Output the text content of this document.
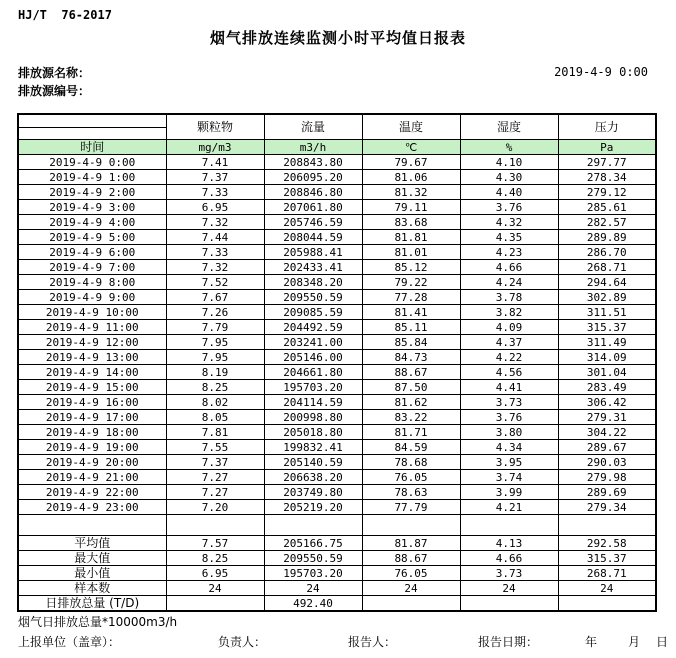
HJ/T  76-2017
烟气排放连续监测小时平均值日报表
排放源名称：
排放源编号：
2019-4-9 0:00
	颗粒物	流量	温度	湿度	压力

时间	mg/m3	m3/h	℃	%	Pa
2019-4-9 0:00	7.41	208843.80	79.67	4.10	297.77
2019-4-9 1:00	7.37	206095.20	81.06	4.30	278.34
2019-4-9 2:00	7.33	208846.80	81.32	4.40	279.12
2019-4-9 3:00	6.95	207061.80	79.11	3.76	285.61
2019-4-9 4:00	7.32	205746.59	83.68	4.32	282.57
2019-4-9 5:00	7.44	208044.59	81.81	4.35	289.89
2019-4-9 6:00	7.33	205988.41	81.01	4.23	286.70
2019-4-9 7:00	7.32	202433.41	85.12	4.66	268.71
2019-4-9 8:00	7.52	208348.20	79.22	4.24	294.64
2019-4-9 9:00	7.67	209550.59	77.28	3.78	302.89
2019-4-9 10:00	7.26	209085.59	81.41	3.82	311.51
2019-4-9 11:00	7.79	204492.59	85.11	4.09	315.37
2019-4-9 12:00	7.95	203241.00	85.84	4.37	311.49
2019-4-9 13:00	7.95	205146.00	84.73	4.22	314.09
2019-4-9 14:00	8.19	204661.80	88.67	4.56	301.04
2019-4-9 15:00	8.25	195703.20	87.50	4.41	283.49
2019-4-9 16:00	8.02	204114.59	81.62	3.73	306.42
2019-4-9 17:00	8.05	200998.80	83.22	3.76	279.31
2019-4-9 18:00	7.81	205018.80	81.71	3.80	304.22
2019-4-9 19:00	7.55	199832.41	84.59	4.34	289.67
2019-4-9 20:00	7.37	205140.59	78.68	3.95	290.03
2019-4-9 21:00	7.27	206638.20	76.05	3.74	279.98
2019-4-9 22:00	7.27	203749.80	78.63	3.99	289.69
2019-4-9 23:00	7.20	205219.20	77.79	4.21	279.34

平均值	7.57	205166.75	81.87	4.13	292.58
最大值	8.25	209550.59	88.67	4.66	315.37
最小值	6.95	195703.20	76.05	3.73	268.71
样本数	24	24	24	24	24
日排放总量 (T/D)		492.40			
烟气日排放总量*10000m3/h
上报单位（盖章）：	负责人：	报告人：	报告日期：	年	月 日
